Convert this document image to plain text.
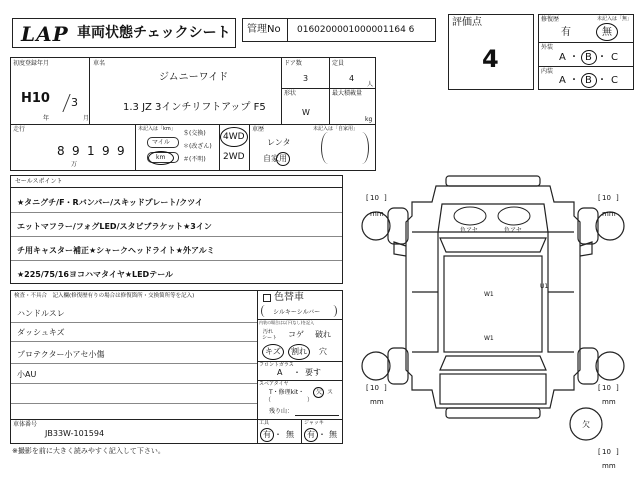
LAP 車両状態チェックシート 管理No 0160200001000001164 6
評価点
4
修復歴	未記入は「無」
有	無
外装
A ・ B ・ C
内装
A ・ B ・ C
初度登録年月
H10 3
年	月
車名
ジムニーワイド
1.3 JZ 3インチリフトアップ F5
ドア数
3
定員
4
人
形状
W
最大積載量
kg
走行
8 9 1 9 9
万
未記入は「km」
マイル
km
＄(交換)
＊(改ざん)
＃(不明)
4WD
2WD
車歴	未記入は「自家用」
レンタ
自家用
セールスポイント
★タニグチ/F・Rバンパー/スキッドプレート/クツイ
エットマフラー/フォグLED/スタビブラケット★3イン
チ用キャスター補正★シャークヘッドライト★外アルミ
★225/75/16ヨコハマタイヤ★LEDテール
検査・不具合　記入欄(修復歴有りの場合は修復箇所・交換箇所等を記入)
ハンドルスレ
ダッシュキズ
プロテクター小アセ小傷
小AU
色替車
シルキーシルバー
内装の場合は以下(なし)を記入
汚れ
シート コゲ 破れ
キズ 割れ 穴
フロントガラス
A ・ 要す
スペアタイヤ
T・修理kit・ 欠 ス
（　　　　　　）
残り山：
車体番号
JB33W-101594
工具
有 ・ 無
ジャッキ
有 ・ 無
※撮影を前に大きく読みやすく記入して下さい。
10
[ ]
mm
10
[ ]
mm
10
[ ]
mm
10
[ ]
mm
10
[ ]
mm
欠
色アセ	色アセ
W1
U1
W1
